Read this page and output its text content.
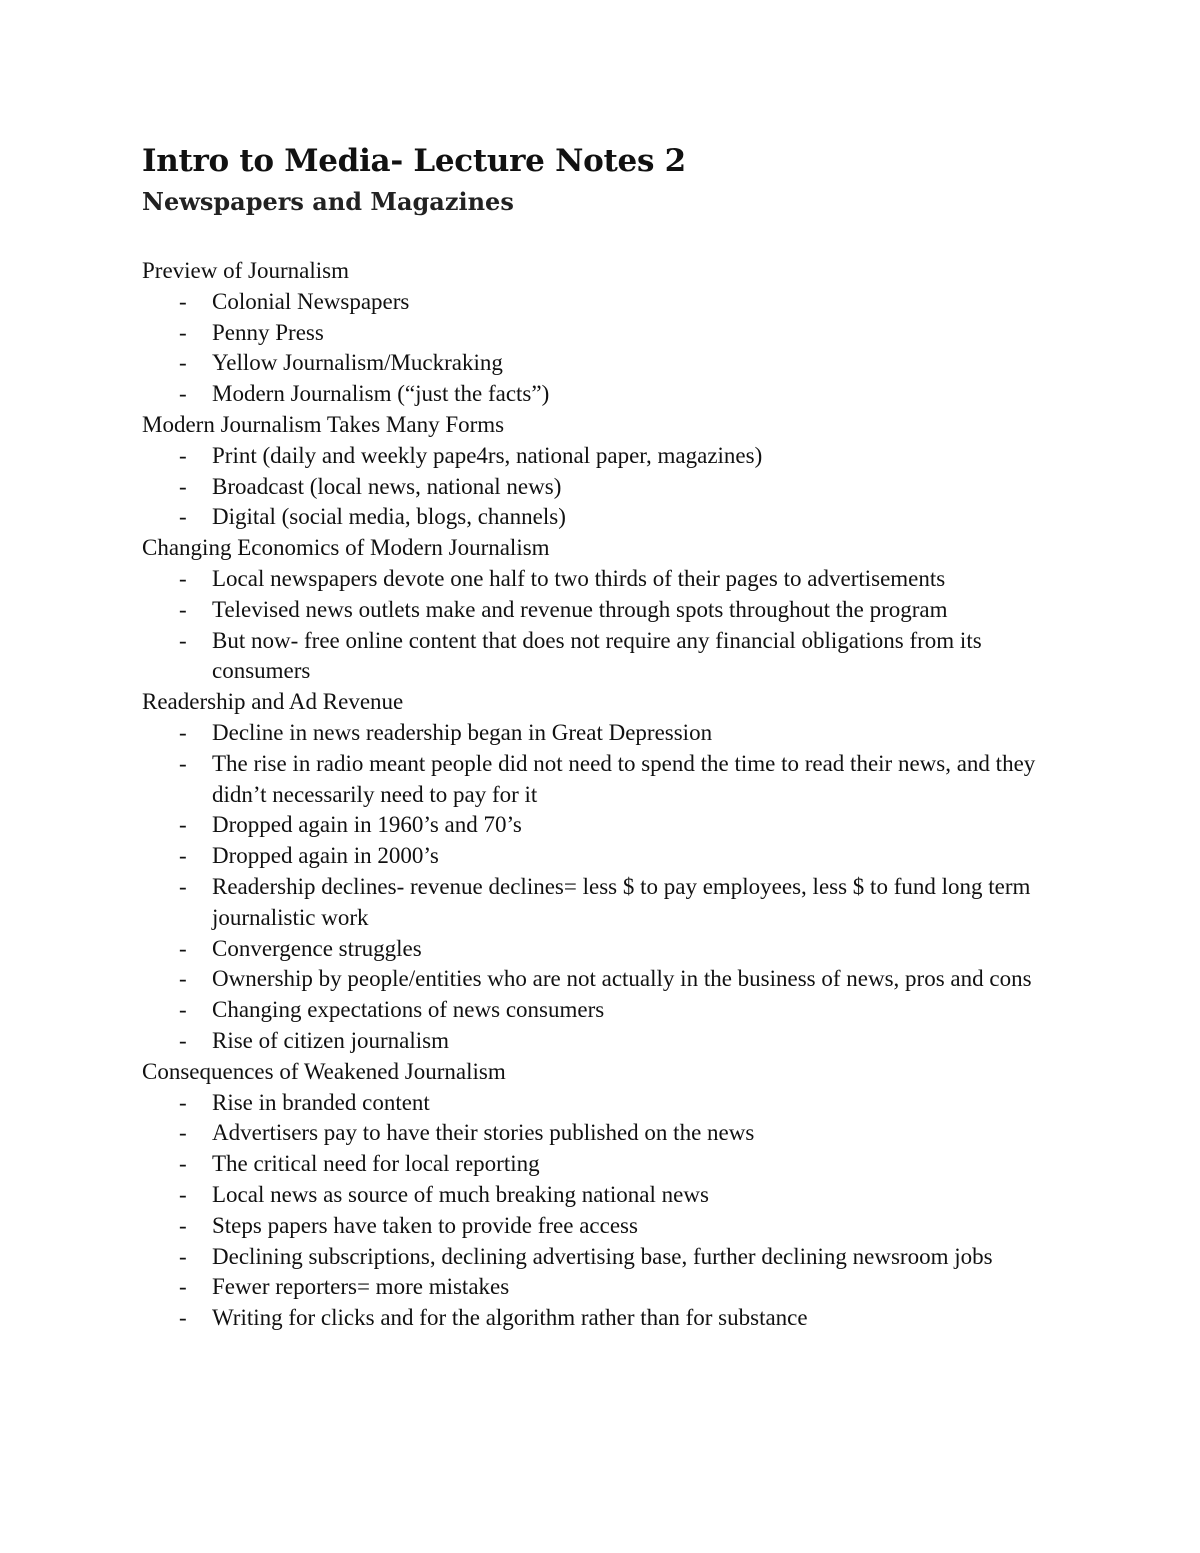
Intro to Media- Lecture Notes 2
Newspapers and Magazines

Preview of Journalism

- Colonial Newspapers
- Penny Press
- Yellow Journalism/Muckraking
- Modern Journalism (“just the facts”)

Modern Journalism Takes Many Forms

- Print (daily and weekly pape4rs, national paper, magazines)
- Broadcast (local news, national news)
- Digital (social media, blogs, channels)

Changing Economics of Modern Journalism

- Local newspapers devote one half to two thirds of their pages to advertisements
- Televised news outlets make and revenue through spots throughout the program
- But now- free online content that does not require any financial obligations from its consumers

Readership and Ad Revenue

- Decline in news readership began in Great Depression
- The rise in radio meant people did not need to spend the time to read their news, and they didn’t necessarily need to pay for it
- Dropped again in 1960’s and 70’s
- Dropped again in 2000’s
- Readership declines- revenue declines= less $ to pay employees, less $ to fund long term journalistic work
- Convergence struggles
- Ownership by people/entities who are not actually in the business of news, pros and cons
- Changing expectations of news consumers
- Rise of citizen journalism

Consequences of Weakened Journalism

- Rise in branded content
- Advertisers pay to have their stories published on the news
- The critical need for local reporting
- Local news as source of much breaking national news
- Steps papers have taken to provide free access
- Declining subscriptions, declining advertising base, further declining newsroom jobs
- Fewer reporters= more mistakes
- Writing for clicks and for the algorithm rather than for substance
